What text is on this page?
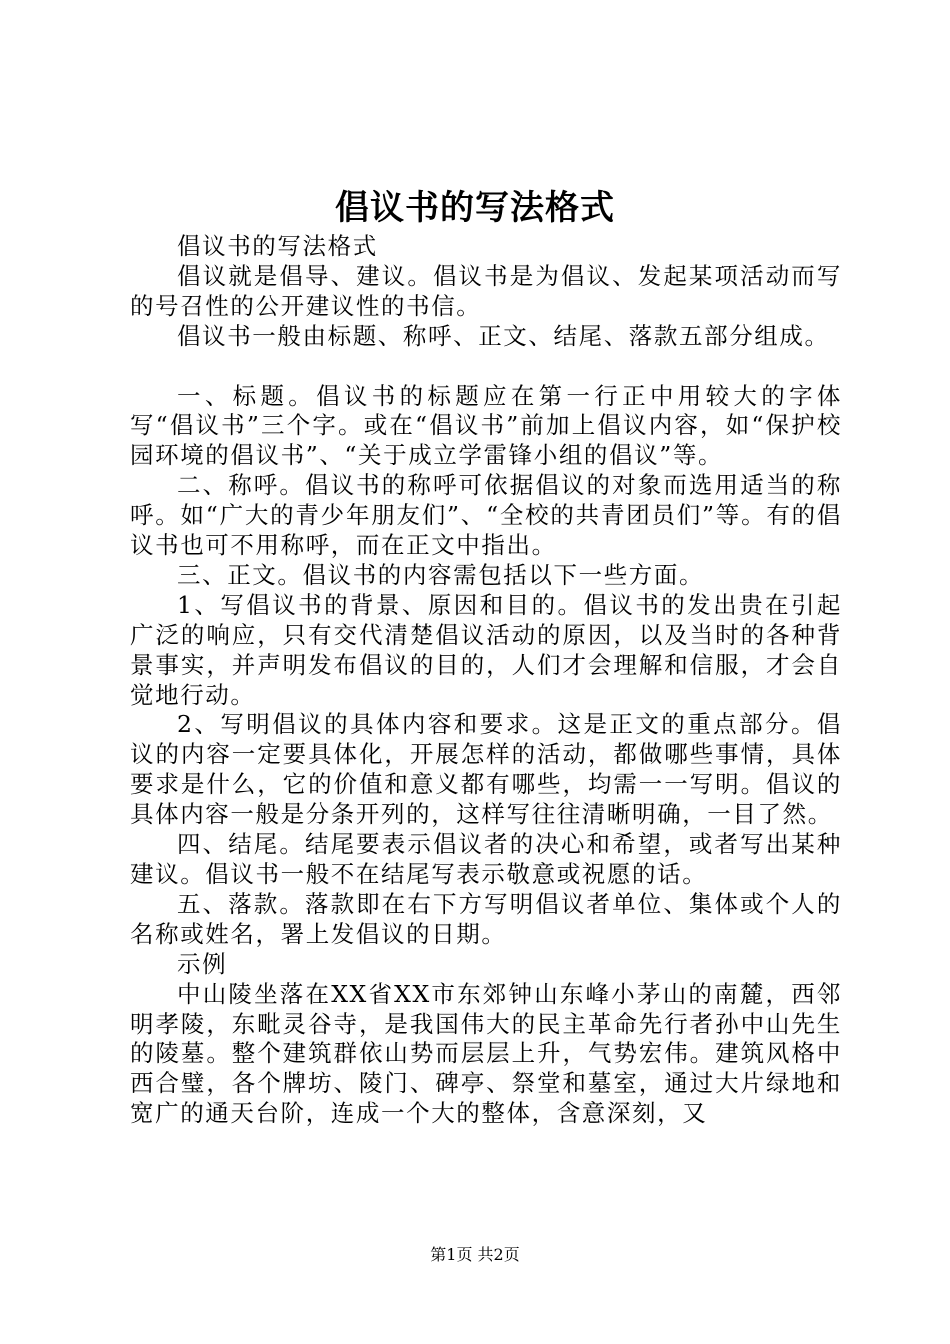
倡议书的写法格式

倡议书的写法格式

倡议就是倡导、建议。倡议书是为倡议、发起某项活动而写的号召性的公开建议性的书信。

倡议书一般由标题、称呼、正文、结尾、落款五部分组成。

一、标题。倡议书的标题应在第一行正中用较大的字体写“倡议书”三个字。或在“倡议书”前加上倡议内容，如“保护校园环境的倡议书”、“关于成立学雷锋小组的倡议”等。

二、称呼。倡议书的称呼可依据倡议的对象而选用适当的称呼。如“广大的青少年朋友们”、“全校的共青团员们”等。有的倡议书也可不用称呼，而在正文中指出。

三、正文。倡议书的内容需包括以下一些方面。

1、写倡议书的背景、原因和目的。倡议书的发出贵在引起广泛的响应，只有交代清楚倡议活动的原因，以及当时的各种背景事实，并声明发布倡议的目的，人们才会理解和信服，才会自觉地行动。

2、写明倡议的具体内容和要求。这是正文的重点部分。倡议的内容一定要具体化，开展怎样的活动，都做哪些事情，具体要求是什么，它的价值和意义都有哪些，均需一一写明。倡议的具体内容一般是分条开列的，这样写往往清晰明确，一目了然。

四、结尾。结尾要表示倡议者的决心和希望，或者写出某种建议。倡议书一般不在结尾写表示敬意或祝愿的话。

五、落款。落款即在右下方写明倡议者单位、集体或个人的名称或姓名，署上发倡议的日期。

示例

中山陵坐落在XX省XX市东郊钟山东峰小茅山的南麓，西邻明孝陵，东毗灵谷寺，是我国伟大的民主革命先行者孙中山先生的陵墓。整个建筑群依山势而层层上升，气势宏伟。建筑风格中西合璧，各个牌坊、陵门、碑亭、祭堂和墓室，通过大片绿地和宽广的通天台阶，连成一个大的整体，含意深刻，又

第1页 共2页
